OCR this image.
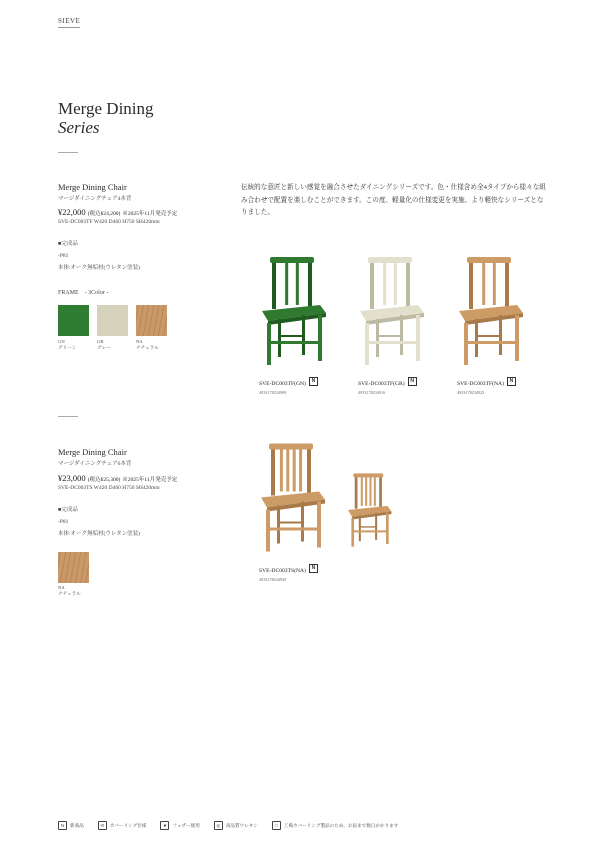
SIEVE
Merge Dining
Series
Merge Dining Chair
マージダイニングチェア4本背
¥22,000 (税込¥24,200) ※2025年11月発売予定
SVE-DC003TF W420 D460 H750 SH420mm
■完成品
-P81
本体:オーク無垢材(ウレタン塗装)
FRAME　- 3Color -
GN
グリーン
GR
グレー
NA
ナチュラル
伝統的な意匠と新しい感覚を融合させたダイニングシリーズです。色・仕様含め全4タイプから様々な組み合わせで配置を楽しむことができます。この度、軽量化の仕様変更を実施、より軽快なシリーズとなりました。
SVE-DC003TF(GN)N
4933178234909
SVE-DC003TF(GR)N
4933178234916
SVE-DC003TF(NA)N
4933178234923
Merge Dining Chair
マージダイニングチェア6本背
¥23,000 (税込¥25,300) ※2025年11月発売予定
SVE-DC003TS W420 D460 H750 SH420mm
■完成品
-P81
本体:オーク無垢材(ウレタン塗装)
NA
ナチュラル
SVE-DC003TS(NA)N
4933178234930
N	新商品	⟲	カバーリング仕様	❦	フェザー使用	◎	高品質ウレタン	♲	工場カバーリング製品のため、お届まで数日かかります
